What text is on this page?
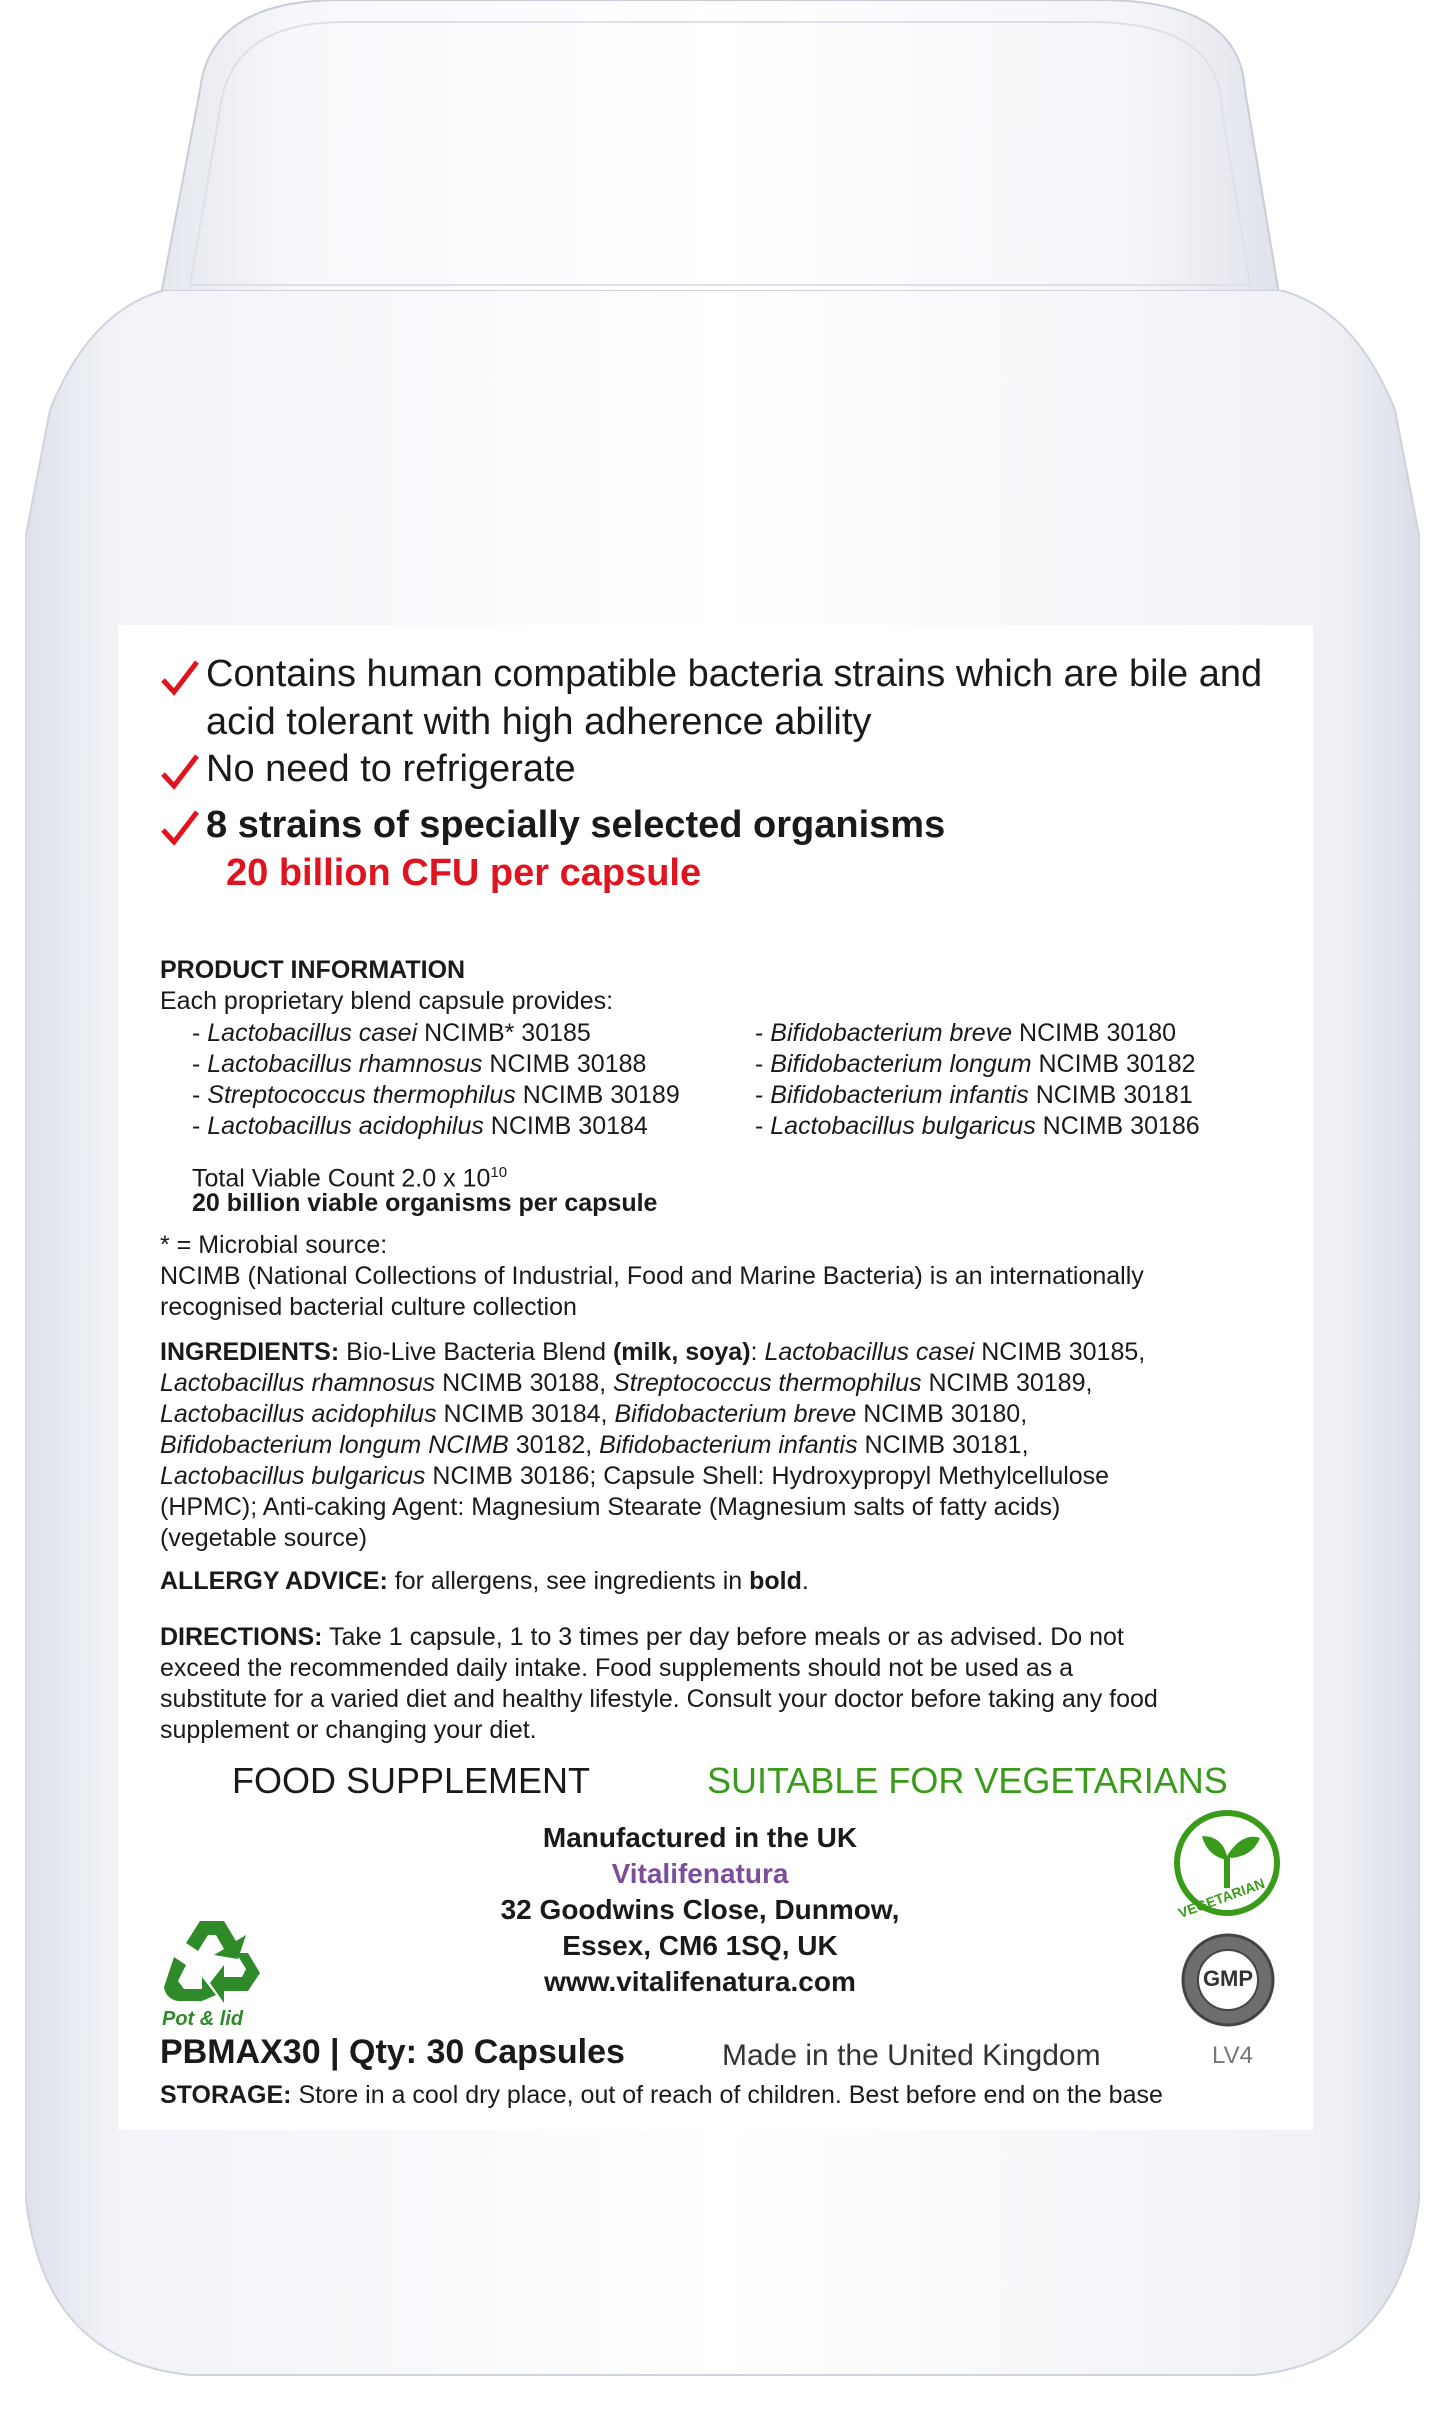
Contains human compatible bacteria strains which are bile and
acid tolerant with high adherence ability
No need to refrigerate
8 strains of specially selected organisms
20 billion CFU per capsule
PRODUCT INFORMATION
Each proprietary blend capsule provides:
- Lactobacillus casei NCIMB* 30185
- Lactobacillus rhamnosus NCIMB 30188
- Streptococcus thermophilus NCIMB 30189
- Lactobacillus acidophilus NCIMB 30184
- Bifidobacterium breve NCIMB 30180
- Bifidobacterium longum NCIMB 30182
- Bifidobacterium infantis NCIMB 30181
- Lactobacillus bulgaricus NCIMB 30186
Total Viable Count 2.0 x $10^{10}$
20 billion viable organisms per capsule
* = Microbial source:
NCIMB (National Collections of Industrial, Food and Marine Bacteria) is an internationally
recognised bacterial culture collection
INGREDIENTS: Bio-Live Bacteria Blend (milk, soya): Lactobacillus casei NCIMB 30185,
Lactobacillus rhamnosus NCIMB 30188, Streptococcus thermophilus NCIMB 30189,
Lactobacillus acidophilus NCIMB 30184, Bifidobacterium breve NCIMB 30180,
Bifidobacterium longum NCIMB 30182, Bifidobacterium infantis NCIMB 30181,
Lactobacillus bulgaricus NCIMB 30186; Capsule Shell: Hydroxypropyl Methylcellulose
(HPMC); Anti-caking Agent: Magnesium Stearate (Magnesium salts of fatty acids)
(vegetable source)
ALLERGY ADVICE: for allergens, see ingredients in bold.
DIRECTIONS: Take 1 capsule, 1 to 3 times per day before meals or as advised. Do not
exceed the recommended daily intake. Food supplements should not be used as a
substitute for a varied diet and healthy lifestyle. Consult your doctor before taking any food
supplement or changing your diet.
FOOD SUPPLEMENT	SUITABLE FOR VEGETARIANS
Manufactured in the UK
Vitalifenatura
32 Goodwins Close, Dunmow,
Essex, CM6 1SQ, UK
www.vitalifenatura.com
Pot & lid
VEGETARIAN
GMP
PBMAX30 | Qty: 30 Capsules	Made in the United Kingdom	LV4
STORAGE: Store in a cool dry place, out of reach of children. Best before end on the base
